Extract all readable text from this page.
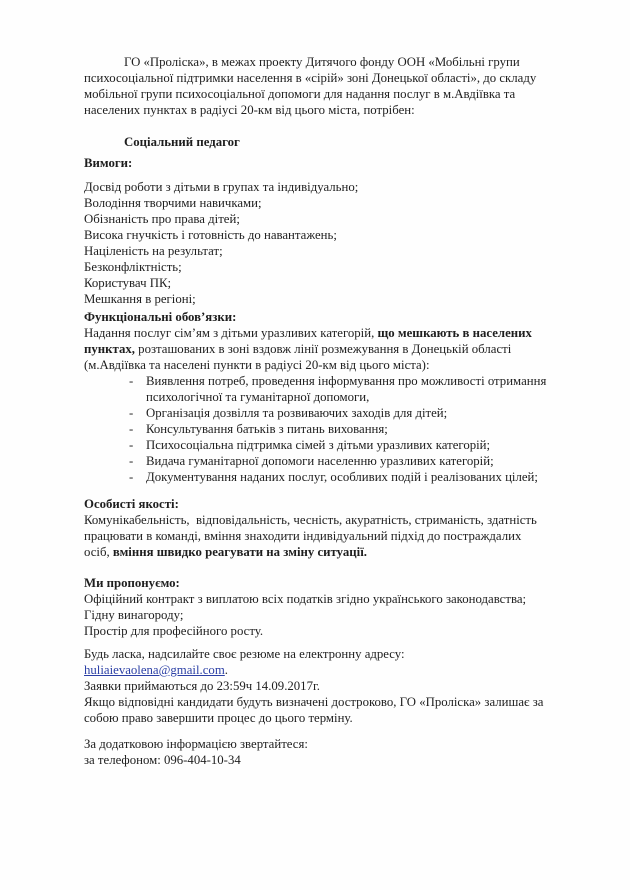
ГО «Проліска», в межах проекту Дитячого фонду ООН «Мобільні групи психосоціальної підтримки населення в «сірій» зоні Донецької області», до складу мобільної групи психосоціальної допомоги для надання послуг в м.Авдіївка та населених пунктах в радіусі 20-км від цього міста, потрібен:

Соціальний педагог

Вимоги:

Досвід роботи з дітьми в групах та індивідуально;
Володіння творчими навичками;
Обізнаність про права дітей;
Висока гнучкість і готовність до навантажень;
Націленість на результат;
Безконфліктність;
Користувач ПК;
Мешкання в регіоні;

Функціональні обов’язки:

Надання послуг сім’ям з дітьми уразливих категорій, що мешкають в населених пунктах, розташованих в зоні вздовж лінії розмежування в Донецькій області (м.Авдіївка та населені пункти в радіусі 20-км від цього міста):

- Виявлення потреб, проведення інформування про можливості отримання психологічної та гуманітарної допомоги,
- Організація дозвілля та розвиваючих заходів для дітей;
- Консультування батьків з питань виховання;
- Психосоціальна підтримка сімей з дітьми уразливих категорій;
- Видача гуманітарної допомоги населенню уразливих категорій;
- Документування наданих послуг, особливих подій і реалізованих цілей;

Особисті якості:

Комунікабельність,  відповідальність, чесність, акуратність, стриманість, здатність працювати в команді, вміння знаходити індивідуальний підхід до постраждалих осіб, вміння швидко реагувати на зміну ситуації.

Ми пропонуємо:

Офіційний контракт з виплатою всіх податків згідно українського законодавства;
Гідну винагороду;
Простір для професійного росту.

Будь ласка, надсилайте своє резюме на електронну адресу: huliaievaolena@gmail.com.
Заявки приймаються до 23:59ч 14.09.2017г.
Якщо відповідні кандидати будуть визначені достроково, ГО «Проліска» залишає за собою право завершити процес до цього терміну.

За додатковою інформацією звертайтеся:
за телефоном: 096-404-10-34
